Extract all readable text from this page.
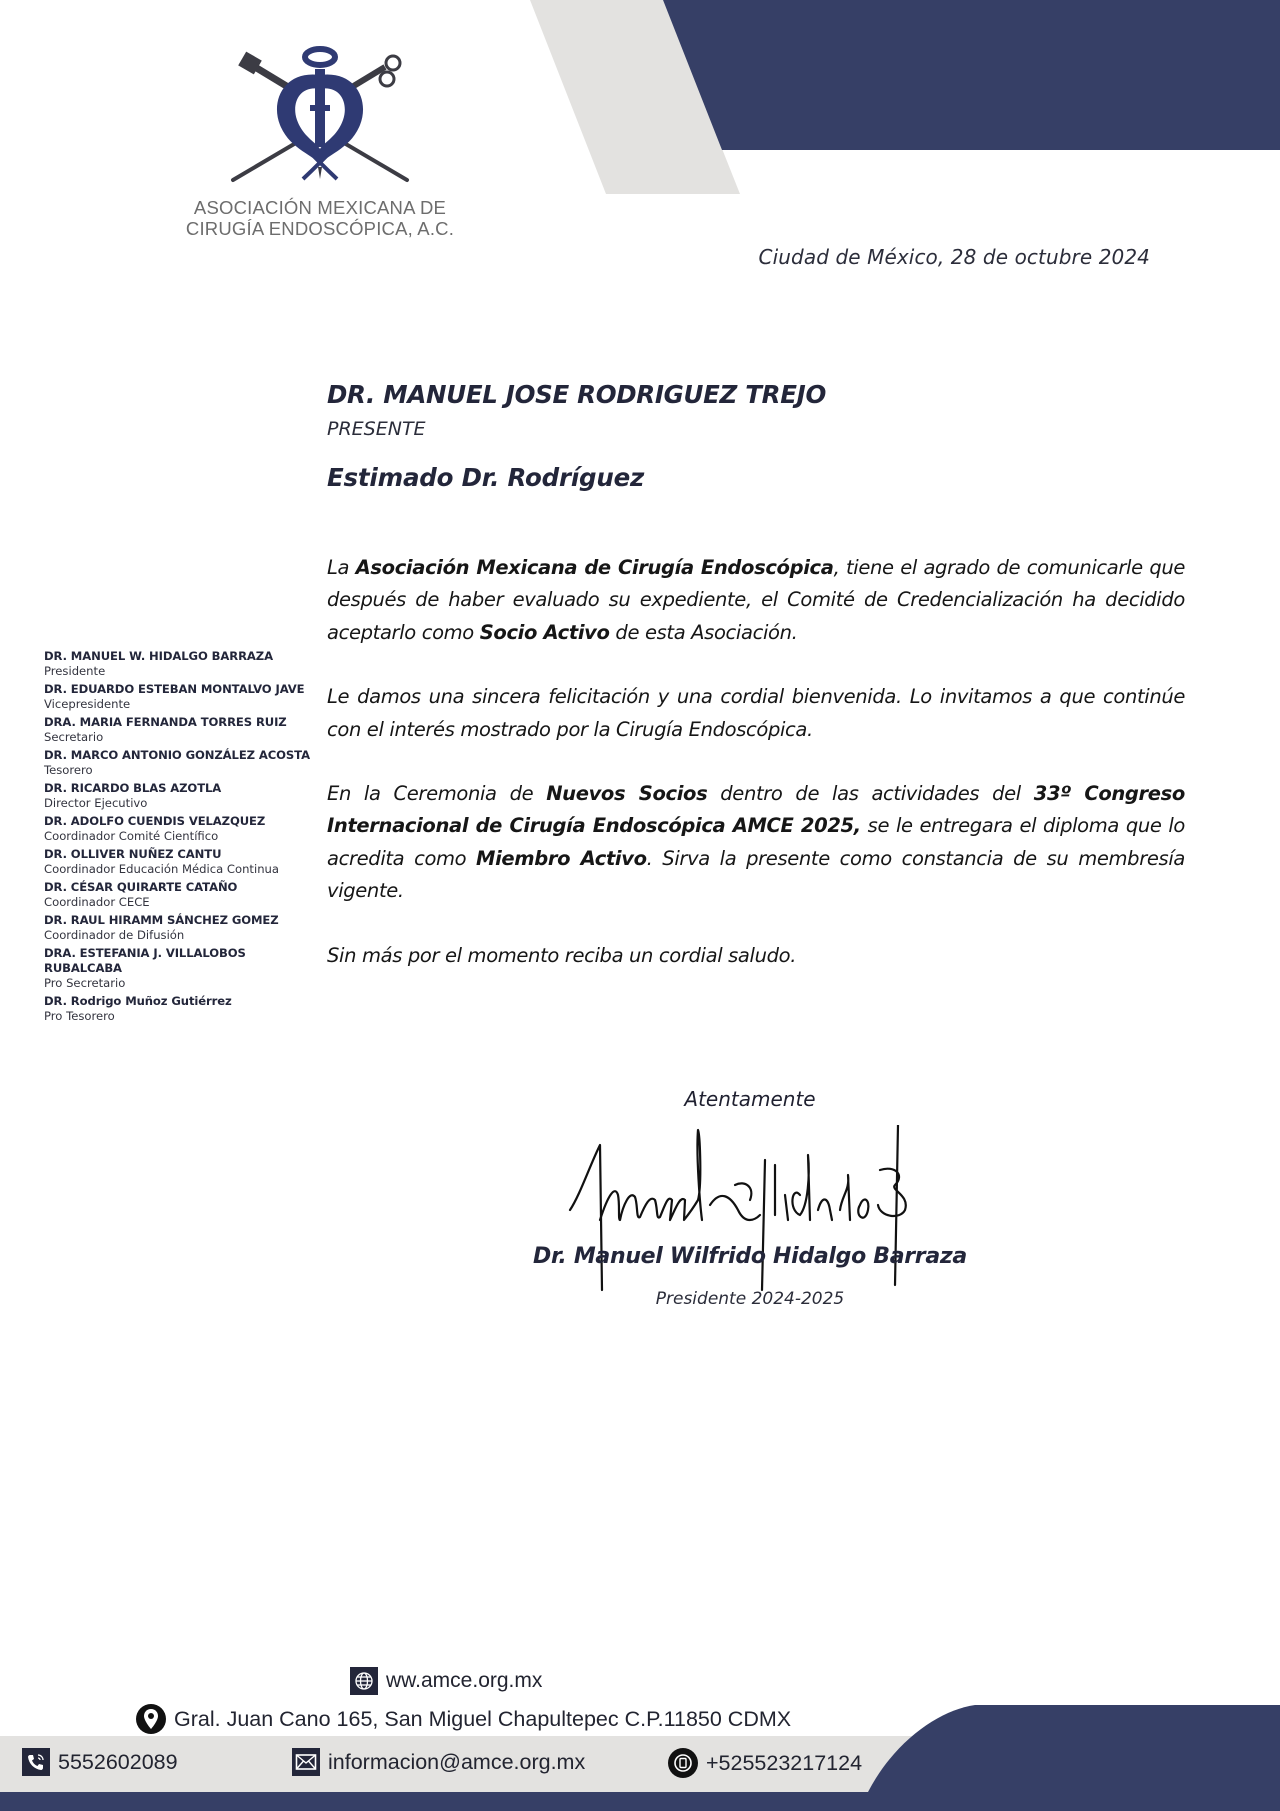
ASOCIACIÓN MEXICANA DE
CIRUGÍA ENDOSCÓPICA, A.C.
Ciudad de México, 28 de octubre 2024
DR. MANUEL JOSE RODRIGUEZ TREJO
PRESENTE
Estimado Dr. Rodríguez

La Asociación Mexicana de Cirugía Endoscópica, tiene el agrado de comunicarle que después de haber evaluado su expediente, el Comité de Credencialización ha decidido aceptarlo como Socio Activo de esta Asociación.

Le damos una sincera felicitación y una cordial bienvenida. Lo invitamos a que continúe con el interés mostrado por la Cirugía Endoscópica.

En la Ceremonia de Nuevos Socios dentro de las actividades del 33º Congreso Internacional de Cirugía Endoscópica AMCE 2025, se le entregara el diploma que lo acredita como Miembro Activo. Sirva la presente como constancia de su membresía vigente.

Sin más por el momento reciba un cordial saludo.

DR. MANUEL W. HIDALGO BARRAZA
Presidente
DR. EDUARDO ESTEBAN MONTALVO JAVE
Vicepresidente
DRA. MARIA FERNANDA TORRES RUIZ
Secretario
DR. MARCO ANTONIO GONZÁLEZ ACOSTA
Tesorero
DR. RICARDO BLAS AZOTLA
Director Ejecutivo
DR. ADOLFO CUENDIS VELAZQUEZ
Coordinador Comité Científico
DR. OLLIVER NUÑEZ CANTU
Coordinador Educación Médica Continua
DR. CÉSAR QUIRARTE CATAÑO
Coordinador CECE
DR. RAUL HIRAMM SÁNCHEZ GOMEZ
Coordinador de Difusión
DRA. ESTEFANIA J. VILLALOBOS RUBALCABA
Pro Secretario
DR. Rodrigo Muñoz Gutiérrez
Pro Tesorero
Atentamente
Dr. Manuel Wilfrido Hidalgo Barraza
Presidente 2024-2025
ww.amce.org.mx
Gral. Juan Cano 165, San Miguel Chapultepec C.P.11850 CDMX
5552602089	informacion@amce.org.mx	+525523217124
